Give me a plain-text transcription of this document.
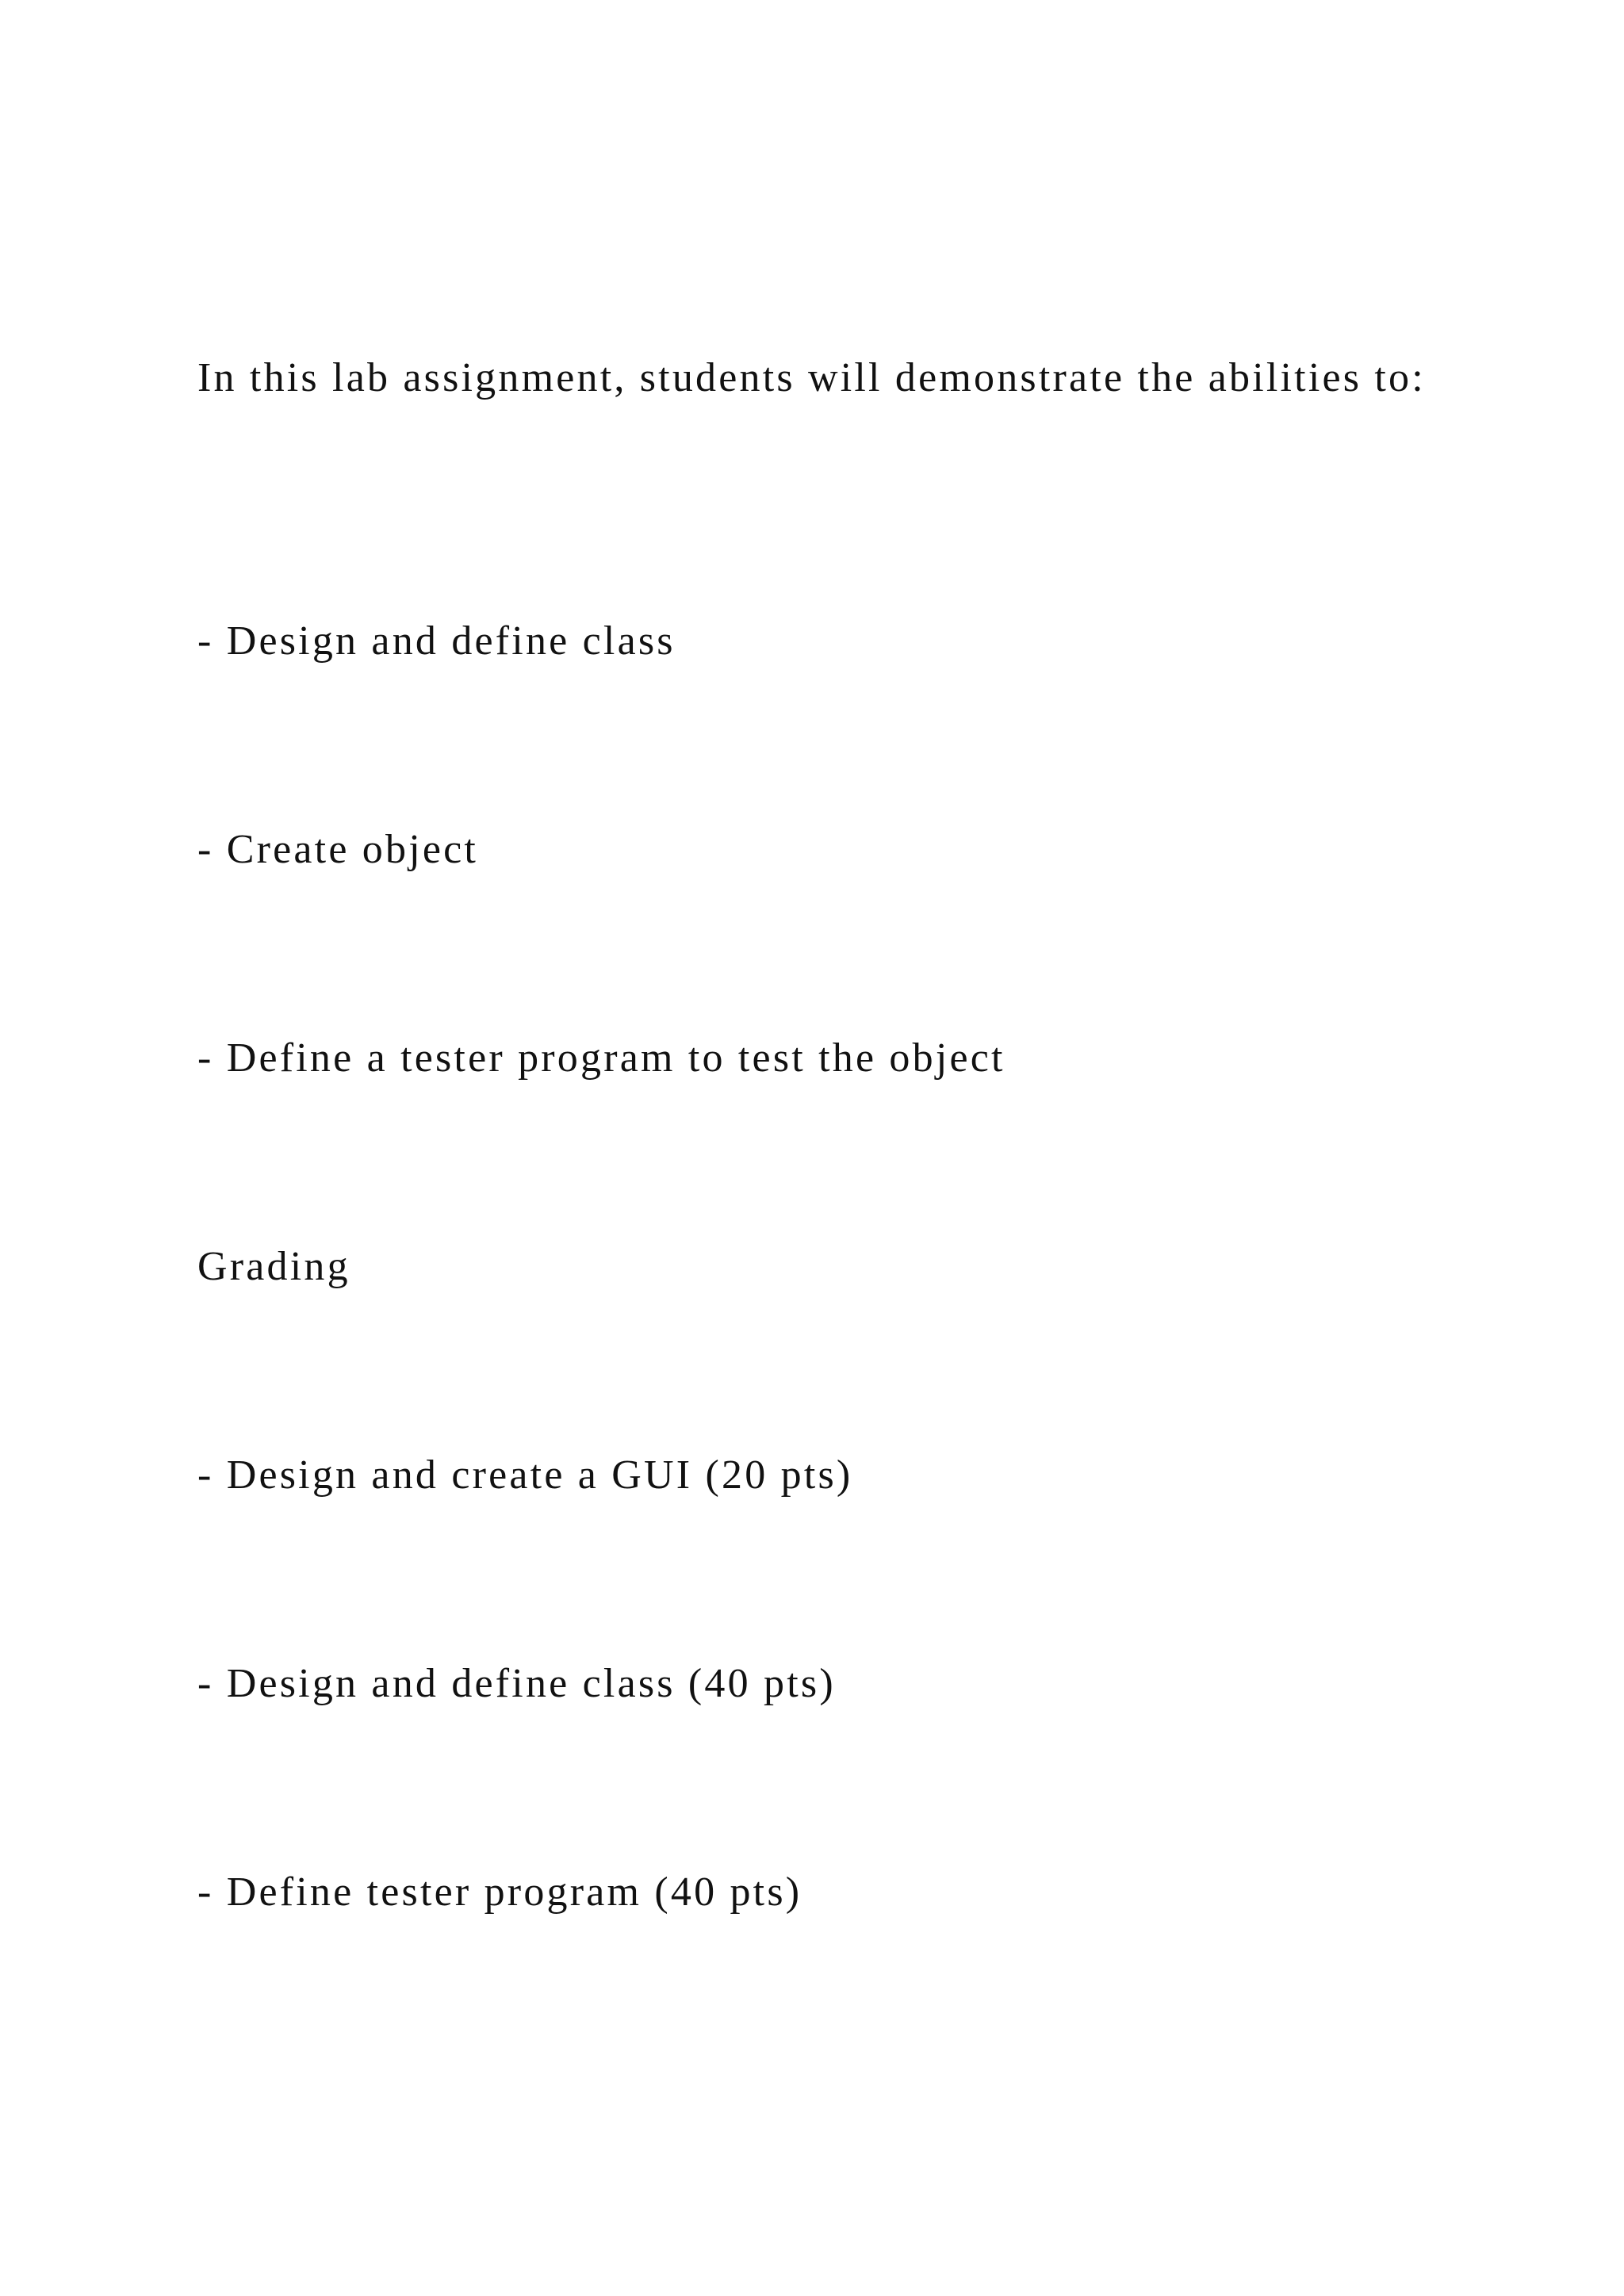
In this lab assignment, students will demonstrate the abilities to:

- Design and define class

- Create object

- Define a tester program to test the object

Grading

- Design and create a GUI (20 pts)

- Design and define class (40 pts)

- Define tester program (40 pts)
